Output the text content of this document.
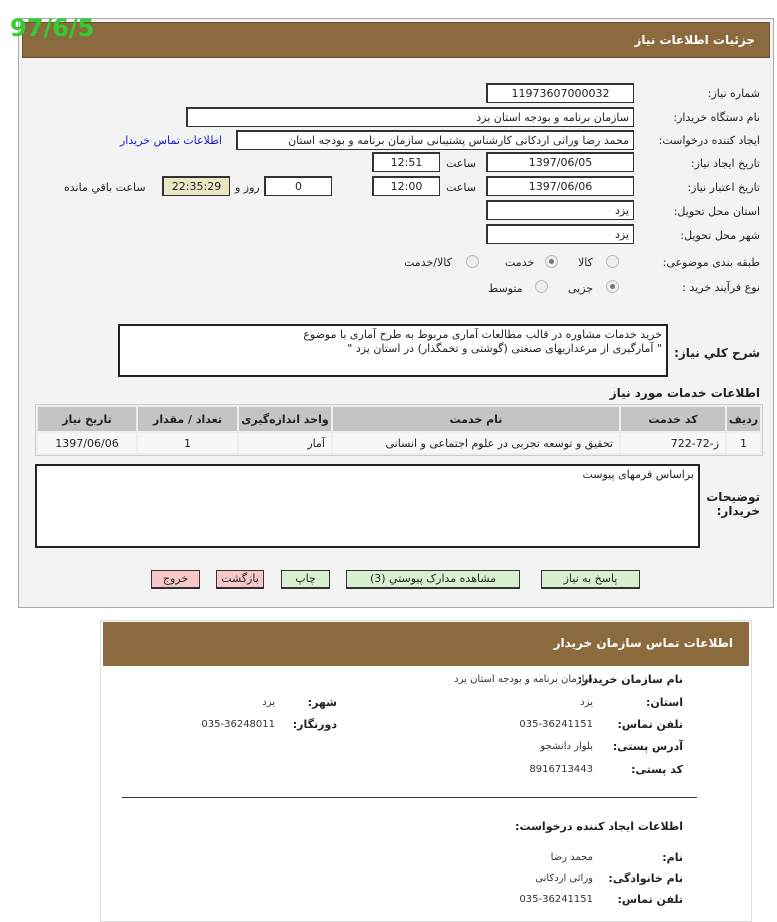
جزئیات اطلاعات نیاز
97/6/5
شماره نیاز:
11973607000032
نام دستگاه خریدار:
سازمان برنامه و بودجه استان یزد
ایجاد کننده درخواست:
محمد رضا وراثی اردکانی کارشناس پشتیبانی سازمان برنامه و بودجه استان
اطلاعات تماس خریدار
تاریخ ایجاد نیاز:
1397/06/05
ساعت
12:51
تاریخ اعتبار نیاز:
1397/06/06
ساعت
12:00
0
روز و
22:35:29
ساعت باقي مانده
استان محل تحویل:
یزد
شهر محل تحویل:
یزد
طبقه بندی موضوعی:
کالا
خدمت
کالا/خدمت
نوع فرآیند خرید :
جزیی
متوسط
شرح کلي نياز:
خرید خدمات مشاوره در قالب مطالعات آماری مربوط به طرح آماری با موضوع
" آمارگیری از مرغداریهای صنعتی (گوشتی و تخمگذار) در استان یزد "
اطلاعات خدمات مورد نياز
رديف	کد خدمت	نام خدمت	واحد اندازه‌گیری	تعداد / مقدار	تاریخ نیاز
1	ز-72-722	تحقیق و توسعه تجربی در علوم اجتماعی و انسانی	آمار	1	1397/06/06
توضیحات خریدار:
براساس فرمهای پیوست
پاسخ به نیاز
مشاهده مدارک پیوستي (3)
چاپ
بازگشت
خروج
اطلاعات تماس سازمان خریدار
نام سازمان خریدار:
سازمان برنامه و بودجه استان یزد
استان:
یزد
شهر:
یزد
تلفن تماس:
035-36241151
دورنگار:
035-36248011
آدرس پستی:
بلوار دانشجو
کد پستی:
8916713443
اطلاعات ایجاد کننده درخواست:
نام:
محمد رضا
نام خانوادگی:
وراثی اردکانی
تلفن تماس:
035-36241151
